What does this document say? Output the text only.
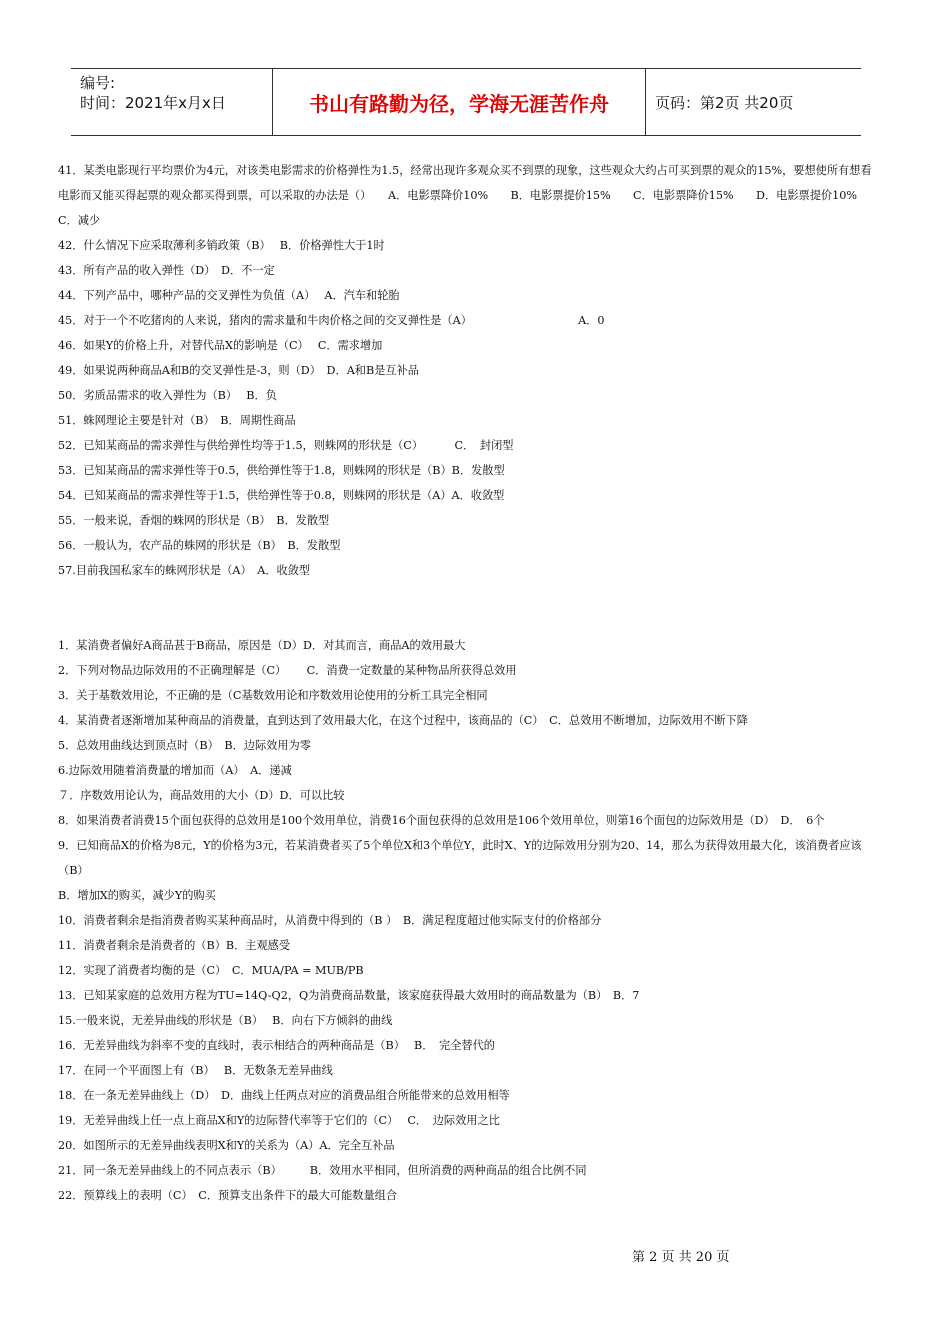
编号:
时间：2021年x月x日	书山有路勤为径，学海无涯苦作舟	页码：第2页 共20页

41．某类电影现行平均票价为4元，对该类电影需求的价格弹性为1.5，经常出现许多观众买不到票的现象，这些观众大约占可买到票的观众的15%，要想使所有想看电影而又能买得起票的观众都买得到票，可以采取的办法是（）　　A．电影票降价10%　　B．电影票提价15%　　C．电影票降价15%　　D．电影票提价10%　C．减少

42．什么情况下应采取薄利多销政策（B）　 B．价格弹性大于1时

43．所有产品的收入弹性（D）　D．不一定

44．下列产品中，哪种产品的交叉弹性为负值（A）　 A．汽车和轮胎

45．对于一个不吃猪肉的人来说，猪肉的需求量和牛肉价格之间的交叉弹性是（A）　　　　　　　　　　A．0

46．如果Y的价格上升，对替代品X的影响是（C）　 C．需求增加

49．如果说两种商品A和B的交叉弹性是-3，则（D）　D．A和B是互补品

50．劣质品需求的收入弹性为（B）　 B．负

51．蛛网理论主要是针对（B）　B．周期性商品

52．已知某商品的需求弹性与供给弹性均等于1.5，则蛛网的形状是（C）　　　 C．　封闭型

53．已知某商品的需求弹性等于0.5，供给弹性等于1.8，则蛛网的形状是（B）B．发散型

54．已知某商品的需求弹性等于1.5，供给弹性等于0.8，则蛛网的形状是（A）A．收敛型

55．一般来说，香烟的蛛网的形状是（B）　B．发散型

56．一般认为，农产品的蛛网的形状是（B）　B．发散型

57.目前我国私家车的蛛网形状是（A）　A．收敛型

1．某消费者偏好A商品甚于B商品，原因是（D）D．对其而言，商品A的效用最大

2．下列对物品边际效用的不正确理解是（C）　　 C．消费一定数量的某种物品所获得总效用

3．关于基数效用论，不正确的是（C基数效用论和序数效用论使用的分析工具完全相同

4．某消费者逐渐增加某种商品的消费量，直到达到了效用最大化，在这个过程中，该商品的（C）　C．总效用不断增加，边际效用不断下降

5．总效用曲线达到顶点时（B）　B．边际效用为零

6.边际效用随着消费量的增加而（A）　A．递减

７．序数效用论认为，商品效用的大小（D）D．可以比较

8．如果消费者消费15个面包获得的总效用是100个效用单位，消费16个面包获得的总效用是106个效用单位，则第16个面包的边际效用是（D）　D．　6个

9．已知商品X的价格为8元，Y的价格为3元，若某消费者买了5个单位X和3个单位Y，此时X、Y的边际效用分别为20、14，那么为获得效用最大化，该消费者应该（B）

B．增加X的购买，减少Y的购买

10．消费者剩余是指消费者购买某种商品时，从消费中得到的（B ）　B．满足程度超过他实际支付的价格部分

11．消费者剩余是消费者的（B）B．主观感受

12．实现了消费者均衡的是（C）　C．MUA/PA = MUB/PB

13．已知某家庭的总效用方程为TU=14Q-Q2，Q为消费商品数量，该家庭获得最大效用时的商品数量为（B）　B．7

15.一般来说，无差异曲线的形状是（B）　 B．向右下方倾斜的曲线

16．无差异曲线为斜率不变的直线时，表示相结合的两种商品是（B）　 B．　完全替代的

17．在同一个平面图上有（B）　 B．无数条无差异曲线

18．在一条无差异曲线上（D）　D．曲线上任两点对应的消费品组合所能带来的总效用相等

19．无差异曲线上任一点上商品X和Y的边际替代率等于它们的（C）　 C．　边际效用之比

20．如图所示的无差异曲线表明X和Y的关系为（A）A．完全互补品

21．同一条无差异曲线上的不同点表示（B）　　　B．效用水平相同，但所消费的两种商品的组合比例不同

22．预算线上的表明（C）　C．预算支出条件下的最大可能数量组合

第 2 页 共 20 页
